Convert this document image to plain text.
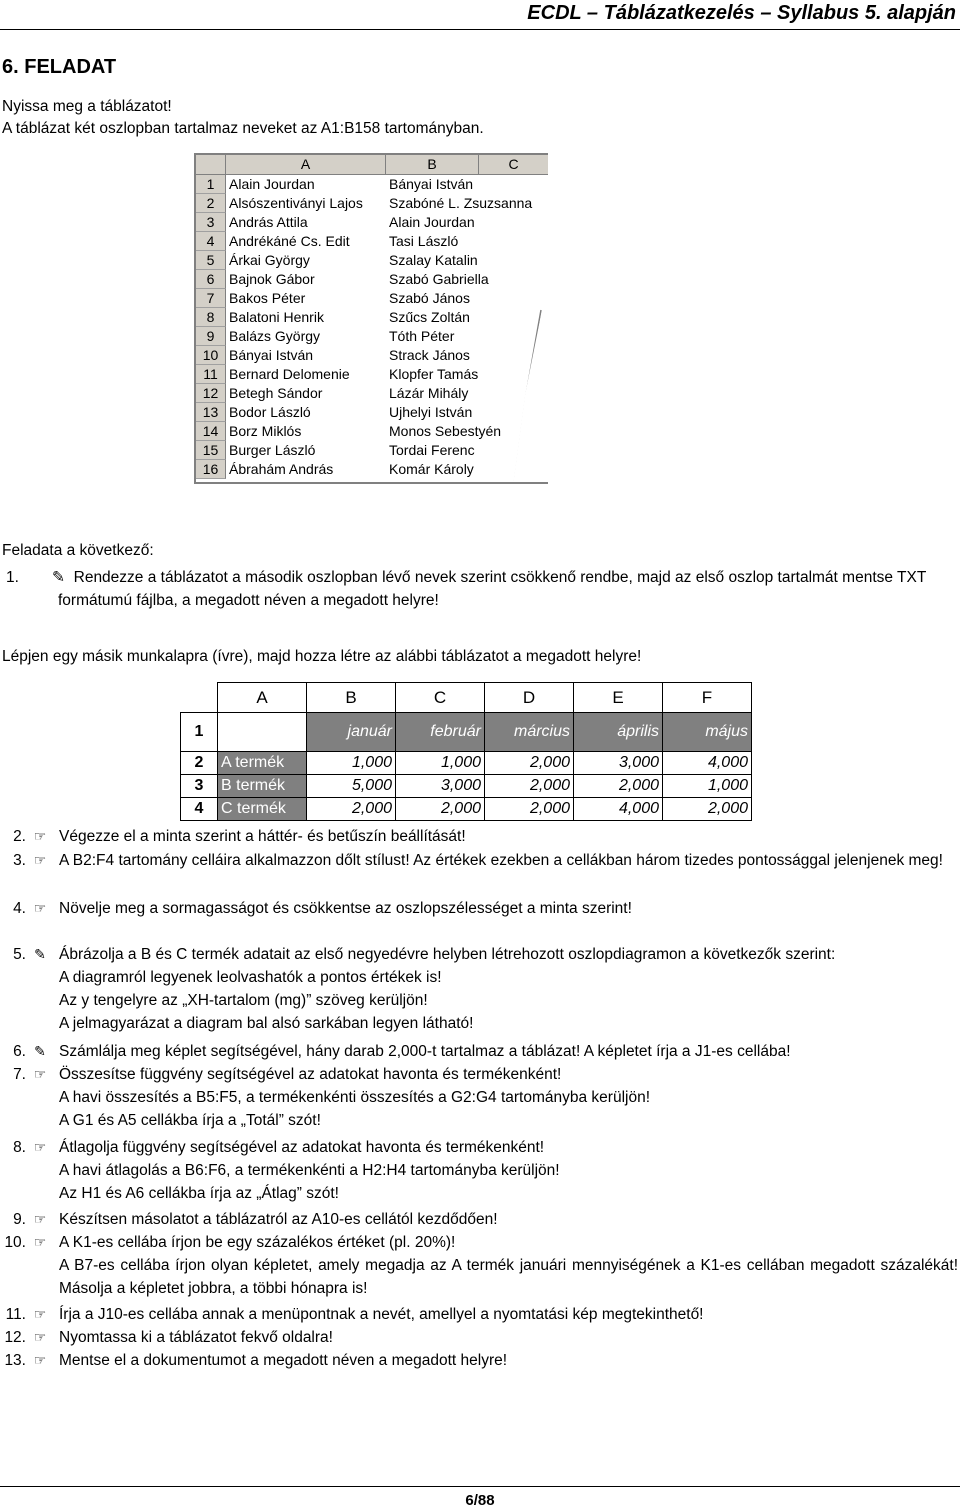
ECDL – Táblázatkezelés – Syllabus 5. alapján
6. FELADAT
Nyissa meg a táblázatot!
A táblázat két oszlopban tartalmaz neveket az A1:B158 tartományban.
A	B	C
1	Alain Jourdan	Bányai István
2	Alsószentiványi Lajos	Szabóné L. Zsuzsanna
3	András Attila	Alain Jourdan
4	Andrékáné Cs. Edit	Tasi László
5	Árkai György	Szalay Katalin
6	Bajnok Gábor	Szabó Gabriella
7	Bakos Péter	Szabó János
8	Balatoni Henrik	Szűcs Zoltán
9	Balázs György	Tóth Péter
10 Bányai István	Strack János
11 Bernard Delomenie	Klopfer Tamás
12 Betegh Sándor	Lázár Mihály
13 Bodor László	Ujhelyi István
14 Borz Miklós	Monos Sebestyén
15 Burger László	Tordai Ferenc
16 Ábrahám András	Komár Károly
Feladata a következő:
1.	✎ Rendezze a táblázatot a második oszlopban lévő nevek szerint csökkenő rendbe, majd az első oszlop tartalmát mentse TXT formátumú fájlba, a megadott néven a megadott helyre!
Lépjen egy másik munkalapra (ívre), majd hozza létre az alábbi táblázatot a megadott helyre!
	A	B	C	D	E	F
1		január	február	március	április	május
2	A termék	1,000	1,000	2,000	3,000	4,000
3	B termék	5,000	3,000	2,000	2,000	1,000
4	C termék	2,000	2,000	2,000	4,000	2,000
2. ☞ Végezze el a minta szerint a háttér- és betűszín beállítását!
3. ☞ A B2:F4 tartomány celláira alkalmazzon dőlt stílust! Az értékek ezekben a cellákban három tizedes pontossággal jelenjenek meg!
4. ☞ Növelje meg a sormagasságot és csökkentse az oszlopszélességet a minta szerint!
5. ✎ Ábrázolja a B és C termék adatait az első negyedévre helyben létrehozott oszlopdiagramon a következők szerint:
A diagramról legyenek leolvashatók a pontos értékek is!
Az y tengelyre az „XH-tartalom (mg)” szöveg kerüljön!
A jelmagyarázat a diagram bal alsó sarkában legyen látható!
6. ✎ Számlálja meg képlet segítségével, hány darab 2,000-t tartalmaz a táblázat! A képletet írja a J1-es cellába!
7. ☞ Összesítse függvény segítségével az adatokat havonta és termékenként!
A havi összesítés a B5:F5, a termékenkénti összesítés a G2:G4 tartományba kerüljön!
A G1 és A5 cellákba írja a „Totál” szót!
8. ☞ Átlagolja függvény segítségével az adatokat havonta és termékenként!
A havi átlagolás a B6:F6, a termékenkénti a H2:H4 tartományba kerüljön!
Az H1 és A6 cellákba írja az „Átlag” szót!
9. ☞ Készítsen másolatot a táblázatról az A10-es cellától kezdődően!
10. ☞ A K1-es cellába írjon be egy százalékos értéket (pl. 20%)!
A B7-es cellába írjon olyan képletet, amely megadja az A termék januári mennyiségének a K1-es cellában megadott százalékát! Másolja a képletet jobbra, a többi hónapra is!
11. ☞ Írja a J10-es cellába annak a menüpontnak a nevét, amellyel a nyomtatási kép megtekinthető!
12. ☞ Nyomtassa ki a táblázatot fekvő oldalra!
13. ☞ Mentse el a dokumentumot a megadott néven a megadott helyre!
6/88
